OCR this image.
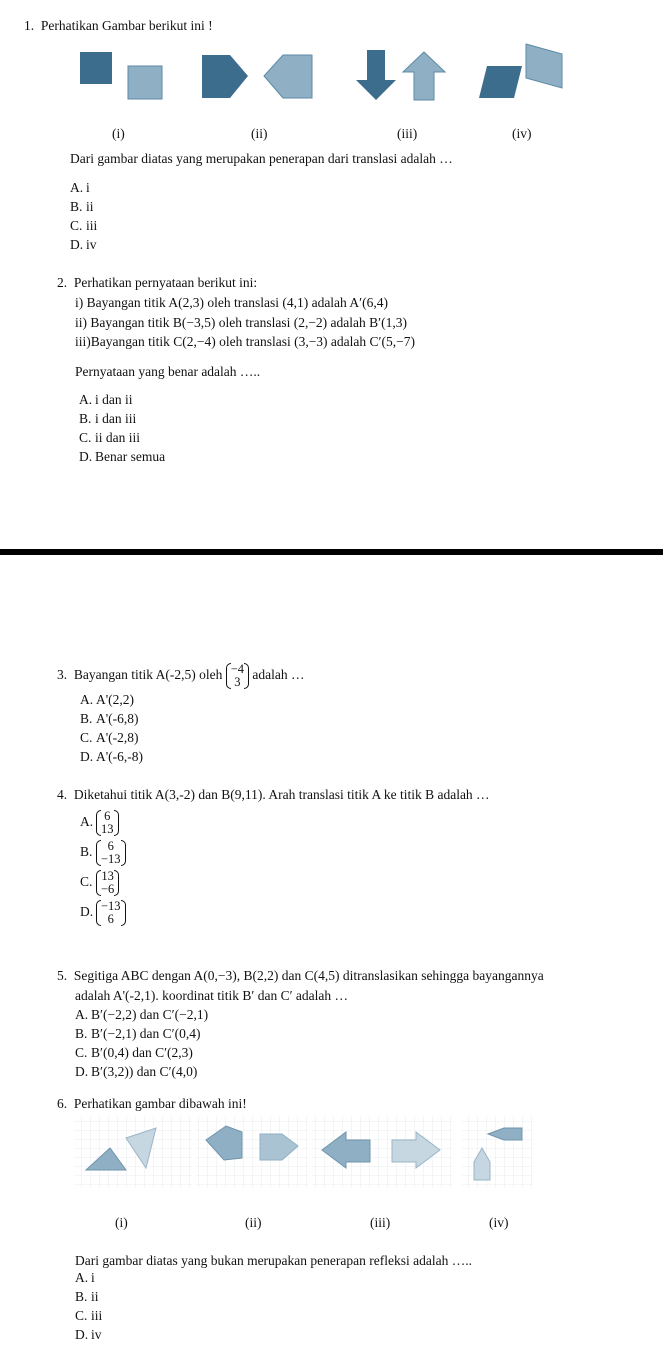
1. Perhatikan Gambar berikut ini !
(i)	(ii)	(iii)	(iv)
Dari gambar diatas yang merupakan penerapan dari translasi adalah …
A. i
B. ii
C. iii
D. iv
2. Perhatikan pernyataan berikut ini:
i) Bayangan titik A(2,3) oleh translasi (4,1) adalah A′(6,4)
ii) Bayangan titik B(−3,5) oleh translasi (2,−2) adalah B′(1,3)
iii)Bayangan titik C(2,−4) oleh translasi (3,−3) adalah C′(5,−7)
Pernyataan yang benar adalah …..
A. i dan ii
B. i dan iii
C. ii dan iii
D. Benar semua
3. Bayangan titik A(-2,5) oleh −4
3 adalah …
A. A'(2,2)
B. A'(-6,8)
C. A'(-2,8)
D. A'(-6,-8)
4. Diketahui titik A(3,-2) dan B(9,11). Arah translasi titik A ke titik B adalah …
A. 6
13
B.	6
−13
C. 13
−6
D. −13
6
5. Segitiga ABC dengan A(0,−3), B(2,2) dan C(4,5) ditranslasikan sehingga bayangannya
adalah A'(-2,1). koordinat titik B′ dan C′ adalah …
A. B′(−2,2) dan C′(−2,1)
B. B′(−2,1) dan C′(0,4)
C. B′(0,4) dan C′(2,3)
D. B′(3,2)) dan C′(4,0)
6. Perhatikan gambar dibawah ini!
(i)	(ii)	(iii)	(iv)
Dari gambar diatas yang bukan merupakan penerapan refleksi adalah …..
A. i
B. ii
C. iii
D. iv
